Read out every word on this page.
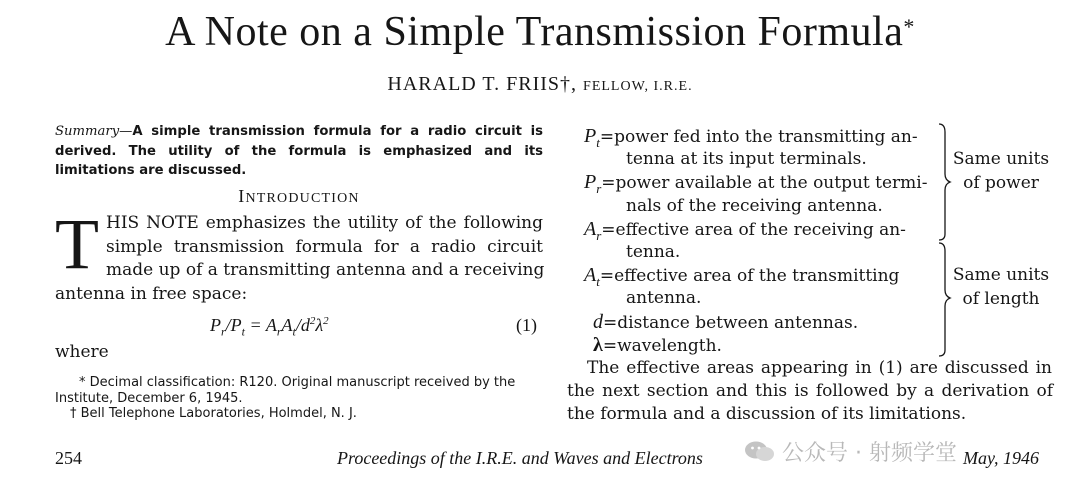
A Note on a Simple Transmission Formula*
HARALD T. FRIIS†, FELLOW, I.R.E.
Summary—A simple transmission formula for a radio circuit is derived. The utility of the formula is emphasized and its limitations are discussed.
INTRODUCTION
T HIS NOTE emphasizes the utility of the following
simple transmission formula for a radio circuit
made up of a transmitting antenna and a receiving
antenna in free space:
$P_r/P_t = A_rA_t/d^2\lambda^2$	(1)
where
* Decimal classification: R120. Original manuscript received by the Institute, December 6, 1945.
† Bell Telephone Laboratories, Holmdel, N. J.
$P_t=power$ fed into the transmitting an-
tenna at its input terminals.
$P_r=power$ available at the output termi-
nals of the receiving antenna.
$A_r=effective$ area of the receiving an-
tenna.
$A_t=effective$ area of the transmitting
antenna.
d=distance between antennas.
λ=wavelength.
Same units
of power
Same units
of length
The effective areas appearing in (1) are discussed in
the next section and this is followed by a derivation of
the formula and a discussion of its limitations.
254	Proceedings of the I.R.E. and Waves and Electrons	May, 1946
公众号 · 射频学堂
